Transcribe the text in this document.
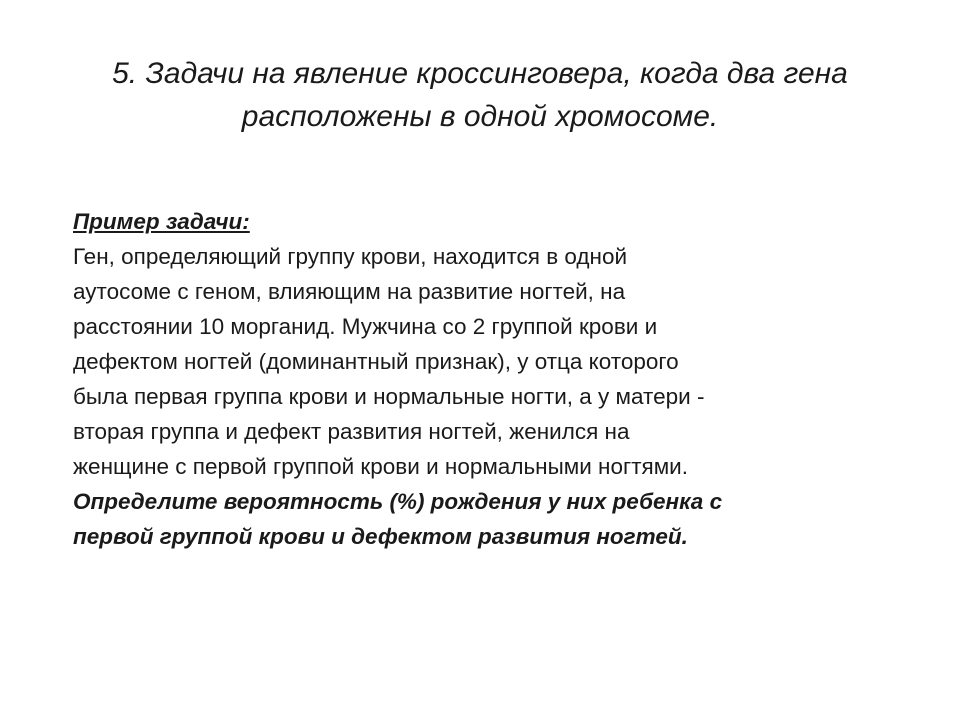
5. Задачи на явление кроссинговера, когда два гена
расположены в одной хромосоме.
Пример задачи:
Ген, определяющий группу крови, находится в одной
аутосоме с геном, влияющим на развитие ногтей, на
расстоянии 10 морганид. Мужчина со 2 группой крови и
дефектом ногтей (доминантный признак), у отца которого
была первая группа крови и нормальные ногти, а у матери -
вторая группа и дефект развития ногтей, женился на
женщине с первой группой крови и нормальными ногтями.
Определите вероятность (%) рождения у них ребенка с
первой группой крови и дефектом развития ногтей.
